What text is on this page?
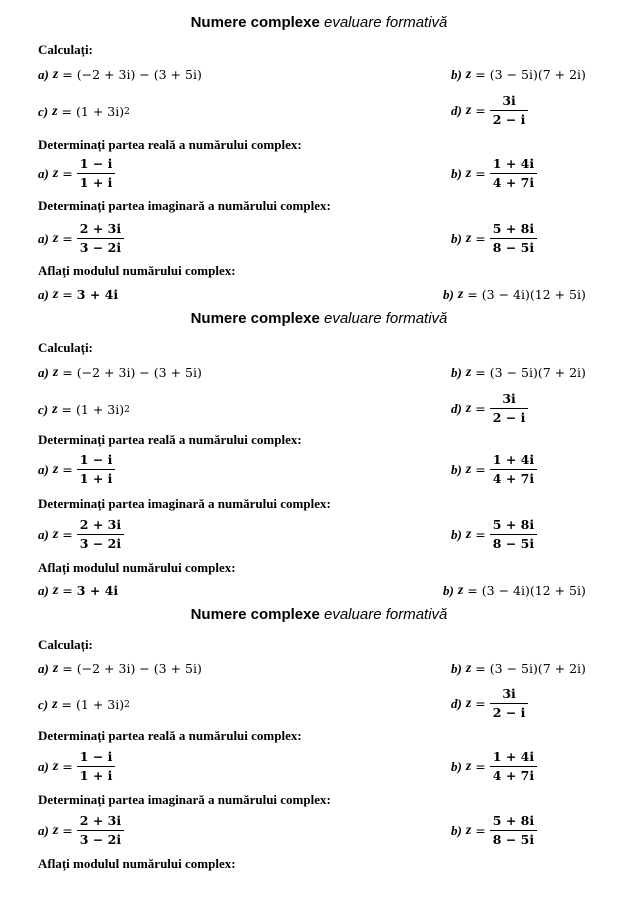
Numere complexe evaluare formativă
Calculați:
a)
z = (−2 + 3i) − (3 + 5i)	b)
z = (3 − 5i)(7 + 2i)
c)
z = (1 + 3i) 2	d)
$z = \frac{3i}{2 - i}$
Determinați partea reală a numărului complex:
a)
$z = \frac{1 - i}{1 + i}$	b)
$z = \frac{1 + 4i}{4 + 7i}$
Determinați partea imaginară a numărului complex:
a)
$z = \frac{2 + 3i}{3 - 2i}$	b)
$z = \frac{5 + 8i}{8 - 5i}$
Aflați modulul numărului complex:
a)
z = 3 + 4i	b)
z = (3 − 4i)(12 + 5i)
Numere complexe evaluare formativă
Calculați:
a)
z = (−2 + 3i) − (3 + 5i)	b)
z = (3 − 5i)(7 + 2i)
c)
z = (1 + 3i) 2	d)
$z = \frac{3i}{2 - i}$
Determinați partea reală a numărului complex:
a)
$z = \frac{1 - i}{1 + i}$	b)
$z = \frac{1 + 4i}{4 + 7i}$
Determinați partea imaginară a numărului complex:
a)
$z = \frac{2 + 3i}{3 - 2i}$	b)
$z = \frac{5 + 8i}{8 - 5i}$
Aflați modulul numărului complex:
a)
z = 3 + 4i	b)
z = (3 − 4i)(12 + 5i)
Numere complexe evaluare formativă
Calculați:
a)
z = (−2 + 3i) − (3 + 5i)	b)
z = (3 − 5i)(7 + 2i)
c)
z = (1 + 3i) 2	d)
$z = \frac{3i}{2 - i}$
Determinați partea reală a numărului complex:
a)
$z = \frac{1 - i}{1 + i}$	b)
$z = \frac{1 + 4i}{4 + 7i}$
Determinați partea imaginară a numărului complex:
a)
$z = \frac{2 + 3i}{3 - 2i}$	b)
$z = \frac{5 + 8i}{8 - 5i}$
Aflați modulul numărului complex:
